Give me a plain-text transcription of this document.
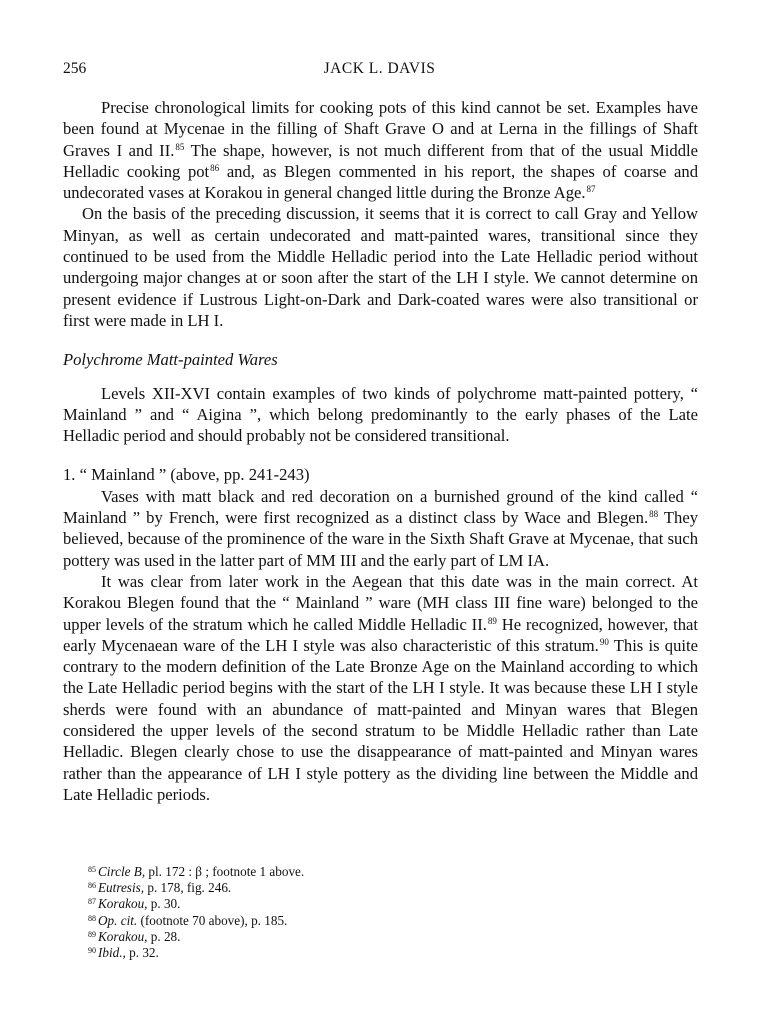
256	JACK L. DAVIS

Precise chronological limits for cooking pots of this kind cannot be set. Examples have been found at Mycenae in the filling of Shaft Grave O and at Lerna in the fillings of Shaft Graves I and II.$^{85}$ The shape, however, is not much different from that of the usual Middle Helladic cooking pot$^{86}$ and, as Blegen commented in his report, the shapes of coarse and undecorated vases at Korakou in general changed little during the Bronze Age.$^{87}$

On the basis of the preceding discussion, it seems that it is correct to call Gray and Yellow Minyan, as well as certain undecorated and matt-painted wares, transitional since they continued to be used from the Middle Helladic period into the Late Helladic period without undergoing major changes at or soon after the start of the LH I style. We cannot determine on present evidence if Lustrous Light-on-Dark and Dark-coated wares were also transitional or first were made in LH I.

Polychrome Matt-painted Wares

Levels XII-XVI contain examples of two kinds of polychrome matt-painted pottery, “ Mainland ” and “ Aigina ”, which belong predominantly to the early phases of the Late Helladic period and should probably not be considered transitional.

1. “ Mainland ” (above, pp. 241-243)

Vases with matt black and red decoration on a burnished ground of the kind called “ Mainland ” by French, were first recognized as a distinct class by Wace and Blegen.$^{88}$ They believed, because of the prominence of the ware in the Sixth Shaft Grave at Mycenae, that such pottery was used in the latter part of MM III and the early part of LM IA.

It was clear from later work in the Aegean that this date was in the main correct. At Korakou Blegen found that the “ Mainland ” ware (MH class III fine ware) belonged to the upper levels of the stratum which he called Middle Helladic II.$^{89}$ He recognized, however, that early Mycenaean ware of the LH I style was also characteristic of this stratum.$^{90}$ This is quite contrary to the modern definition of the Late Bronze Age on the Mainland according to which the Late Helladic period begins with the start of the LH I style. It was because these LH I style sherds were found with an abundance of matt-painted and Minyan wares that Blegen considered the upper levels of the second stratum to be Middle Helladic rather than Late Helladic. Blegen clearly chose to use the disappearance of matt-painted and Minyan wares rather than the appearance of LH I style pottery as the dividing line between the Middle and Late Helladic periods.

$^{85}$ Circle B, pl. 172 : β ; footnote 1 above.
$^{86}$ Eutresis, p. 178, fig. 246.
$^{87}$ Korakou, p. 30.
$^{88}$ Op. cit. (footnote 70 above), p. 185.
$^{89}$ Korakou, p. 28.
$^{90}$ Ibid., p. 32.
